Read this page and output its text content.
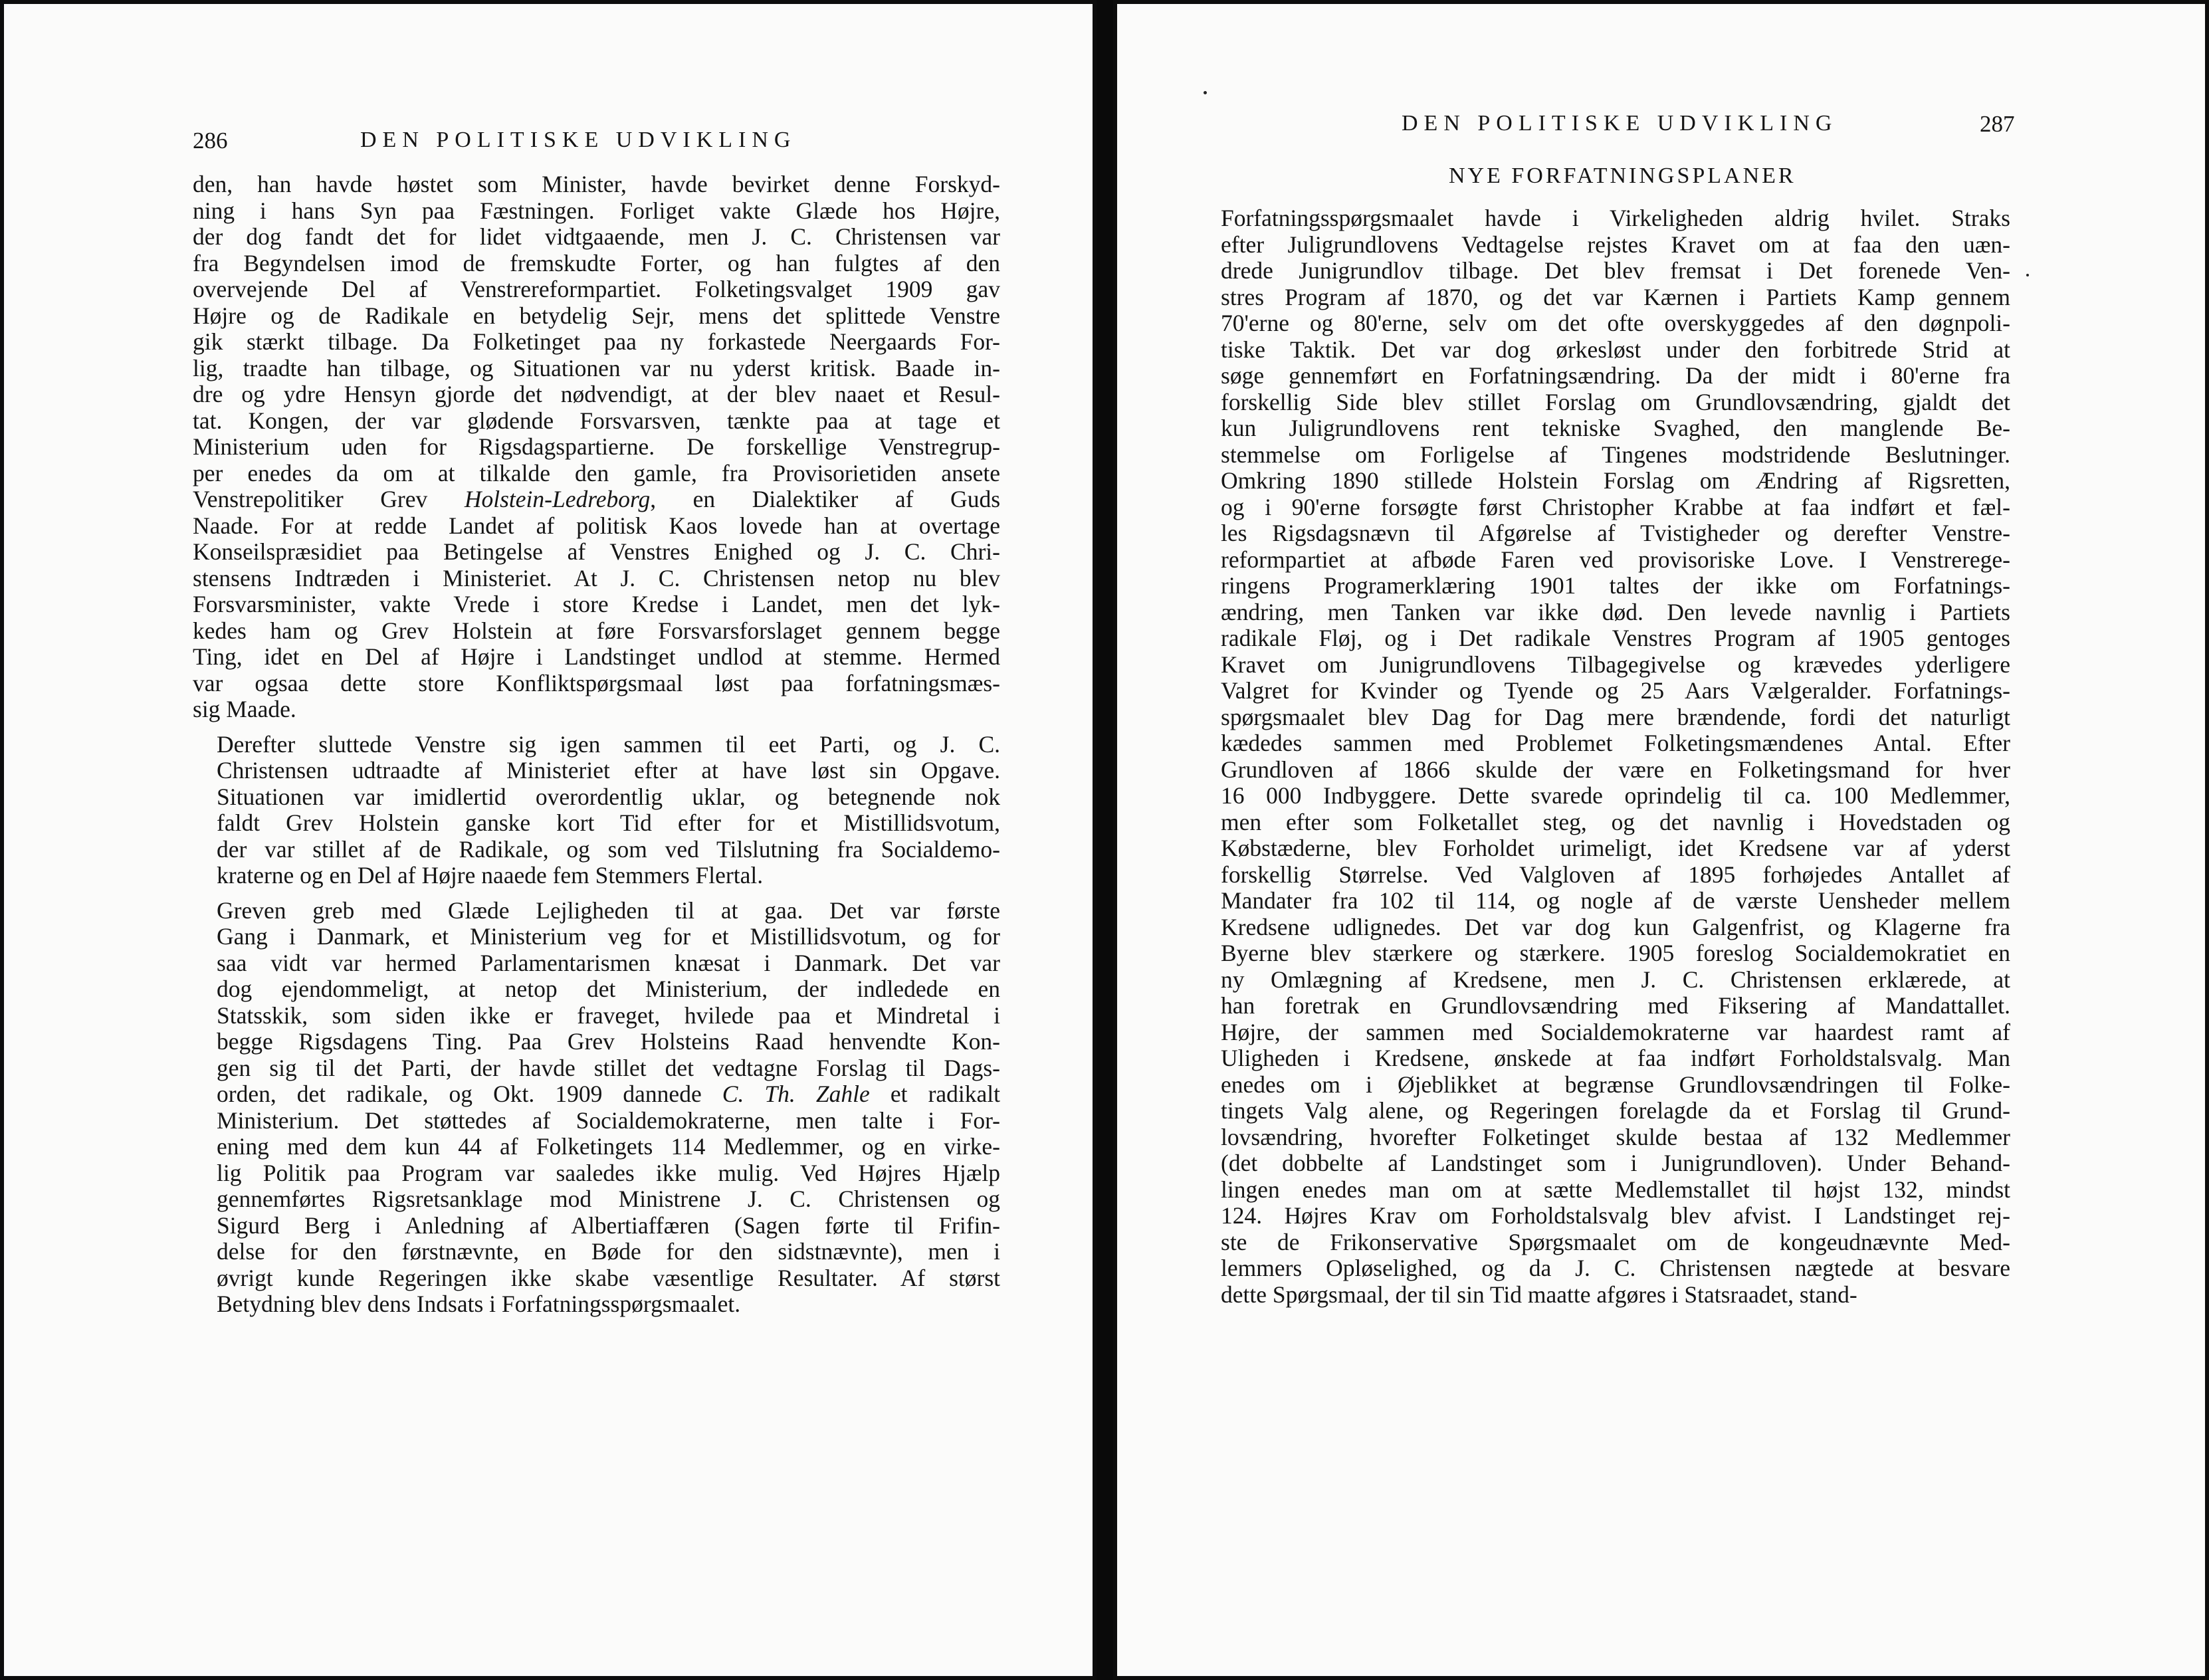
286	DEN POLITISKE UDVIKLING
den, han havde høstet som Minister, havde bevirket denne Forskyd-
ning i hans Syn paa Fæstningen. Forliget vakte Glæde hos Højre,
der dog fandt det for lidet vidtgaaende, men J. C. Christensen var
fra Begyndelsen imod de fremskudte Forter, og han fulgtes af den
overvejende Del af Venstrereformpartiet. Folketingsvalget 1909 gav
Højre og de Radikale en betydelig Sejr, mens det splittede Venstre
gik stærkt tilbage. Da Folketinget paa ny forkastede Neergaards For-
lig, traadte han tilbage, og Situationen var nu yderst kritisk. Baade in-
dre og ydre Hensyn gjorde det nødvendigt, at der blev naaet et Resul-
tat. Kongen, der var glødende Forsvarsven, tænkte paa at tage et
Ministerium uden for Rigsdagspartierne. De forskellige Venstregrup-
per enedes da om at tilkalde den gamle, fra Provisorietiden ansete
Venstrepolitiker Grev Holstein-Ledreborg, en Dialektiker af Guds
Naade. For at redde Landet af politisk Kaos lovede han at overtage
Konseilspræsidiet paa Betingelse af Venstres Enighed og J. C. Chri-
stensens Indtræden i Ministeriet. At J. C. Christensen netop nu blev
Forsvarsminister, vakte Vrede i store Kredse i Landet, men det lyk-
kedes ham og Grev Holstein at føre Forsvarsforslaget gennem begge
Ting, idet en Del af Højre i Landstinget undlod at stemme. Hermed
var ogsaa dette store Konfliktspørgsmaal løst paa forfatningsmæs-
sig Maade.
Derefter sluttede Venstre sig igen sammen til eet Parti, og J. C.
Christensen udtraadte af Ministeriet efter at have løst sin Opgave.
Situationen var imidlertid overordentlig uklar, og betegnende nok
faldt Grev Holstein ganske kort Tid efter for et Mistillidsvotum,
der var stillet af de Radikale, og som ved Tilslutning fra Socialdemo-
kraterne og en Del af Højre naaede fem Stemmers Flertal.
Greven greb med Glæde Lejligheden til at gaa. Det var første
Gang i Danmark, et Ministerium veg for et Mistillidsvotum, og for
saa vidt var hermed Parlamentarismen knæsat i Danmark. Det var
dog ejendommeligt, at netop det Ministerium, der indledede en
Statsskik, som siden ikke er fraveget, hvilede paa et Mindretal i
begge Rigsdagens Ting. Paa Grev Holsteins Raad henvendte Kon-
gen sig til det Parti, der havde stillet det vedtagne Forslag til Dags-
orden, det radikale, og Okt. 1909 dannede C. Th. Zahle et radikalt
Ministerium. Det støttedes af Socialdemokraterne, men talte i For-
ening med dem kun 44 af Folketingets 114 Medlemmer, og en virke-
lig Politik paa Program var saaledes ikke mulig. Ved Højres Hjælp
gennemførtes Rigsretsanklage mod Ministrene J. C. Christensen og
Sigurd Berg i Anledning af Albertiaffæren (Sagen førte til Frifin-
delse for den førstnævnte, en Bøde for den sidstnævnte), men i
øvrigt kunde Regeringen ikke skabe væsentlige Resultater. Af størst
Betydning blev dens Indsats i Forfatningsspørgsmaalet.
DEN POLITISKE UDVIKLING	287
NYE FORFATNINGSPLANER
Forfatningsspørgsmaalet havde i Virkeligheden aldrig hvilet. Straks
efter Juligrundlovens Vedtagelse rejstes Kravet om at faa den uæn-
drede Junigrundlov tilbage. Det blev fremsat i Det forenede Ven-
stres Program af 1870, og det var Kærnen i Partiets Kamp gennem
70'erne og 80'erne, selv om det ofte overskyggedes af den døgnpoli-
tiske Taktik. Det var dog ørkesløst under den forbitrede Strid at
søge gennemført en Forfatningsændring. Da der midt i 80'erne fra
forskellig Side blev stillet Forslag om Grundlovsændring, gjaldt det
kun Juligrundlovens rent tekniske Svaghed, den manglende Be-
stemmelse om Forligelse af Tingenes modstridende Beslutninger.
Omkring 1890 stillede Holstein Forslag om Ændring af Rigsretten,
og i 90'erne forsøgte først Christopher Krabbe at faa indført et fæl-
les Rigsdagsnævn til Afgørelse af Tvistigheder og derefter Venstre-
reformpartiet at afbøde Faren ved provisoriske Love. I Venstrerege-
ringens Programerklæring 1901 taltes der ikke om Forfatnings-
ændring, men Tanken var ikke død. Den levede navnlig i Partiets
radikale Fløj, og i Det radikale Venstres Program af 1905 gentoges
Kravet om Junigrundlovens Tilbagegivelse og krævedes yderligere
Valgret for Kvinder og Tyende og 25 Aars Vælgeralder. Forfatnings-
spørgsmaalet blev Dag for Dag mere brændende, fordi det naturligt
kædedes sammen med Problemet Folketingsmændenes Antal. Efter
Grundloven af 1866 skulde der være en Folketingsmand for hver
16 000 Indbyggere. Dette svarede oprindelig til ca. 100 Medlemmer,
men efter som Folketallet steg, og det navnlig i Hovedstaden og
Købstæderne, blev Forholdet urimeligt, idet Kredsene var af yderst
forskellig Størrelse. Ved Valgloven af 1895 forhøjedes Antallet af
Mandater fra 102 til 114, og nogle af de værste Uensheder mellem
Kredsene udlignedes. Det var dog kun Galgenfrist, og Klagerne fra
Byerne blev stærkere og stærkere. 1905 foreslog Socialdemokratiet en
ny Omlægning af Kredsene, men J. C. Christensen erklærede, at
han foretrak en Grundlovsændring med Fiksering af Mandattallet.
Højre, der sammen med Socialdemokraterne var haardest ramt af
Uligheden i Kredsene, ønskede at faa indført Forholdstalsvalg. Man
enedes om i Øjeblikket at begrænse Grundlovsændringen til Folke-
tingets Valg alene, og Regeringen forelagde da et Forslag til Grund-
lovsændring, hvorefter Folketinget skulde bestaa af 132 Medlemmer
(det dobbelte af Landstinget som i Junigrundloven). Under Behand-
lingen enedes man om at sætte Medlemstallet til højst 132, mindst
124. Højres Krav om Forholdstalsvalg blev afvist. I Landstinget rej-
ste de Frikonservative Spørgsmaalet om de kongeudnævnte Med-
lemmers Opløselighed, og da J. C. Christensen nægtede at besvare
dette Spørgsmaal, der til sin Tid maatte afgøres i Statsraadet, stand-
